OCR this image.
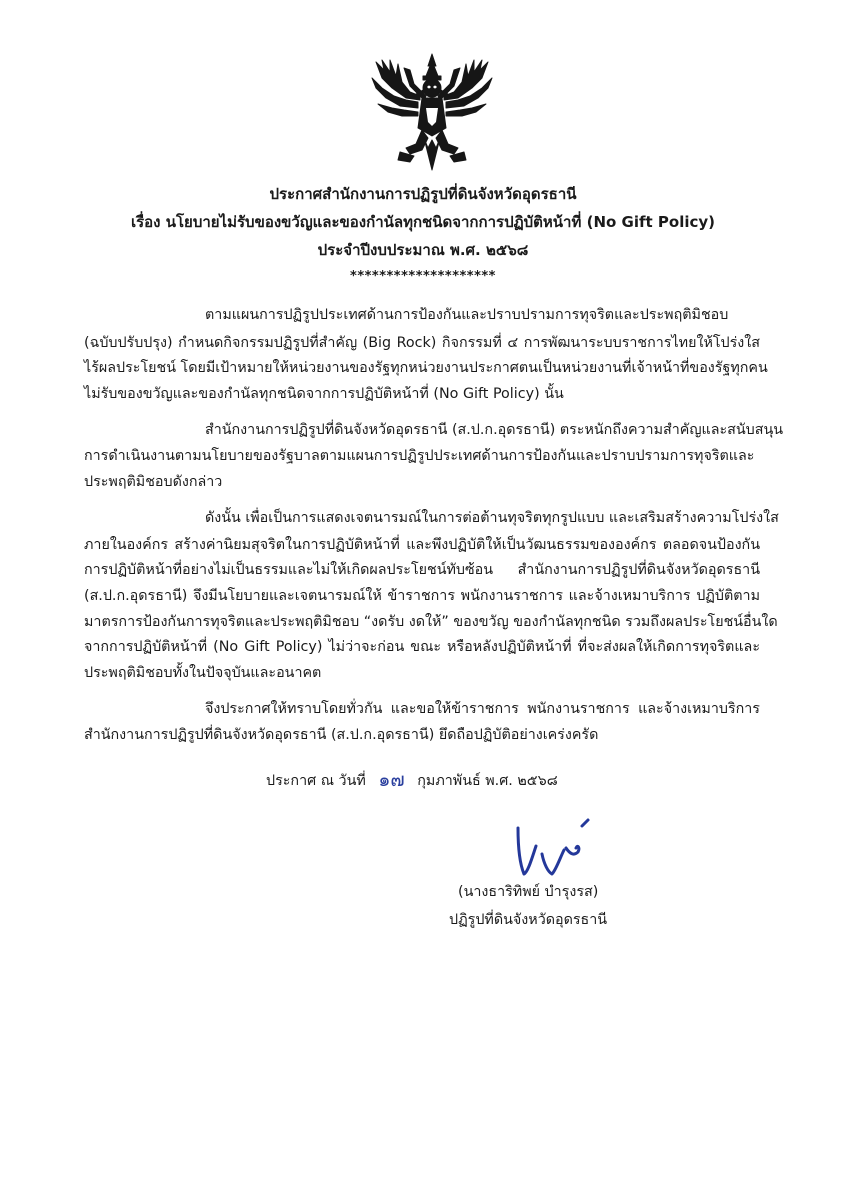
ประกาศสำนักงานการปฏิรูปที่ดินจังหวัดอุดรธานี
เรื่อง นโยบายไม่รับของขวัญและของกำนัลทุกชนิดจากการปฏิบัติหน้าที่ (No Gift Policy)
ประจำปีงบประมาณ พ.ศ. ๒๕๖๘
********************
ตามแผนการปฏิรูปประเทศด้านการป้องกันและปราบปรามการทุจริตและประพฤติมิชอบ
(ฉบับปรับปรุง) กำหนดกิจกรรมปฏิรูปที่สำคัญ (Big Rock) กิจกรรมที่ ๔ การพัฒนาระบบราชการไทยให้โปร่งใส
ไร้ผลประโยชน์ โดยมีเป้าหมายให้หน่วยงานของรัฐทุกหน่วยงานประกาศตนเป็นหน่วยงานที่เจ้าหน้าที่ของรัฐทุกคน
ไม่รับของขวัญและของกำนัลทุกชนิดจากการปฏิบัติหน้าที่ (No Gift Policy) นั้น
สำนักงานการปฏิรูปที่ดินจังหวัดอุดรธานี (ส.ป.ก.อุดรธานี) ตระหนักถึงความสำคัญและสนับสนุน
การดำเนินงานตามนโยบายของรัฐบาลตามแผนการปฏิรูปประเทศด้านการป้องกันและปราบปรามการทุจริตและ
ประพฤติมิชอบดังกล่าว
ดังนั้น เพื่อเป็นการแสดงเจตนารมณ์ในการต่อต้านทุจริตทุกรูปแบบ และเสริมสร้างความโปร่งใส
ภายในองค์กร สร้างค่านิยมสุจริตในการปฏิบัติหน้าที่ และพึงปฏิบัติให้เป็นวัฒนธรรมขององค์กร ตลอดจนป้องกัน
การปฏิบัติหน้าที่อย่างไม่เป็นธรรมและไม่ให้เกิดผลประโยชน์ทับซ้อน สำนักงานการปฏิรูปที่ดินจังหวัดอุดรธานี
(ส.ป.ก.อุดรธานี) จึงมีนโยบายและเจตนารมณ์ให้ ข้าราชการ พนักงานราชการ และจ้างเหมาบริการ ปฏิบัติตาม
มาตรการป้องกันการทุจริตและประพฤติมิชอบ “งดรับ งดให้” ของขวัญ ของกำนัลทุกชนิด รวมถึงผลประโยชน์อื่นใด
จากการปฏิบัติหน้าที่ (No Gift Policy) ไม่ว่าจะก่อน ขณะ หรือหลังปฏิบัติหน้าที่ ที่จะส่งผลให้เกิดการทุจริตและ
ประพฤติมิชอบทั้งในปัจจุบันและอนาคต
จึงประกาศให้ทราบโดยทั่วกัน และขอให้ข้าราชการ พนักงานราชการ และจ้างเหมาบริการ
สำนักงานการปฏิรูปที่ดินจังหวัดอุดรธานี (ส.ป.ก.อุดรธานี) ยึดถือปฏิบัติอย่างเคร่งครัด
ประกาศ ณ วันที่ ๑๗ กุมภาพันธ์ พ.ศ. ๒๕๖๘
(นางธาริทิพย์ บำรุงรส)
ปฏิรูปที่ดินจังหวัดอุดรธานี
